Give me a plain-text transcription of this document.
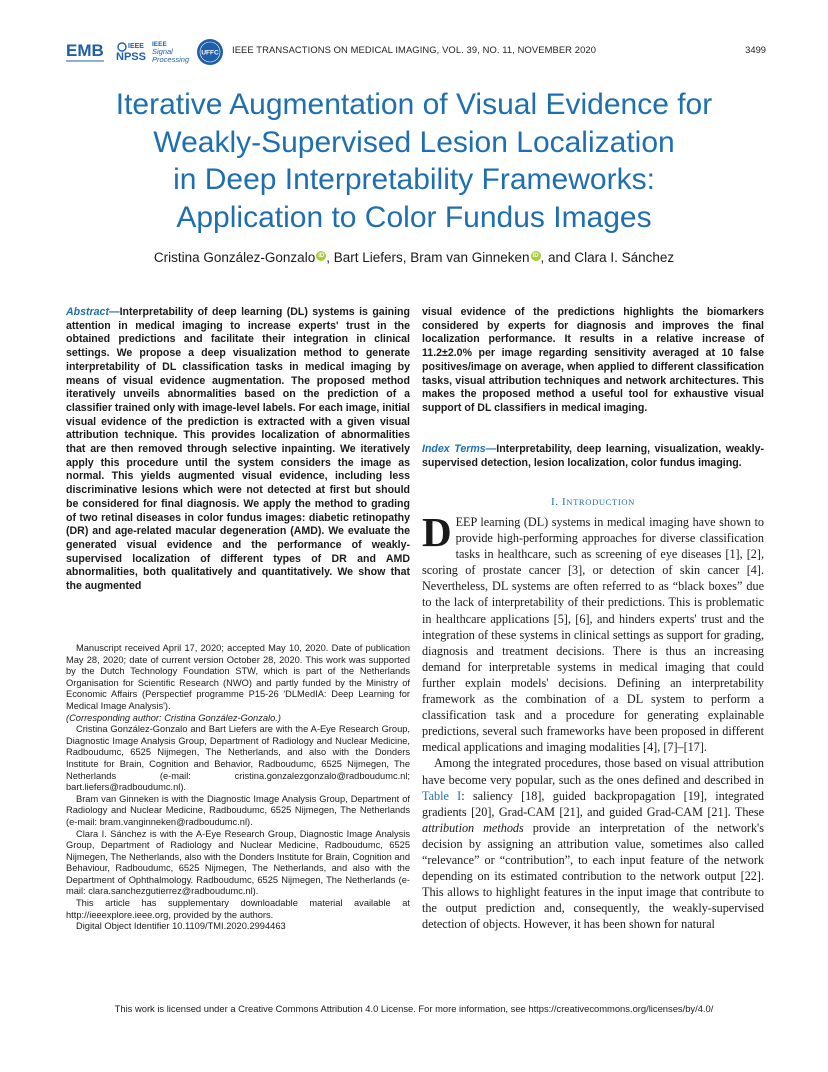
EMB	IEEE
NPSS
IEEE
Signal
Processing
UFFC IEEE TRANSACTIONS ON MEDICAL IMAGING, VOL. 39, NO. 11, NOVEMBER 2020	3499
Iterative Augmentation of Visual Evidence for
Weakly-Supervised Lesion Localization
in Deep Interpretability Frameworks:
Application to Color Fundus Images
Cristina González-Gonzalo iD , Bart Liefers, Bram van Ginneken iD , and Clara I. Sánchez
Abstract—Interpretability of deep learning (DL) systems is gaining attention in medical imaging to increase experts' trust in the obtained predictions and facilitate their integration in clinical settings. We propose a deep visualization method to generate interpretability of DL classification tasks in medical imaging by means of visual evidence augmentation. The proposed method iteratively unveils abnormalities based on the prediction of a classifier trained only with image-level labels. For each image, initial visual evidence of the prediction is extracted with a given visual attribution technique. This provides localization of abnormalities that are then removed through selective inpainting. We iteratively apply this procedure until the system considers the image as normal. This yields augmented visual evidence, including less discriminative lesions which were not detected at first but should be considered for final diagnosis. We apply the method to grading of two retinal diseases in color fundus images: diabetic retinopathy (DR) and age-related macular degeneration (AMD). We evaluate the generated visual evidence and the performance of weakly-supervised localization of different types of DR and AMD abnormalities, both qualitatively and quantitatively. We show that the augmented
visual evidence of the predictions highlights the biomarkers considered by experts for diagnosis and improves the final localization performance. It results in a relative increase of 11.2±2.0% per image regarding sensitivity averaged at 10 false positives/image on average, when applied to different classification tasks, visual attribution techniques and network architectures. This makes the proposed method a useful tool for exhaustive visual support of DL classifiers in medical imaging.
Index Terms—Interpretability, deep learning, visualization, weakly-supervised detection, lesion localization, color fundus imaging.

Manuscript received April 17, 2020; accepted May 10, 2020. Date of publication May 28, 2020; date of current version October 28, 2020. This work was supported by the Dutch Technology Foundation STW, which is part of the Netherlands Organisation for Scientific Research (NWO) and partly funded by the Ministry of Economic Affairs (Perspectief programme P15-26 'DLMedIA: Deep Learning for Medical Image Analysis').
(Corresponding author: Cristina González-Gonzalo.)

Cristina González-Gonzalo and Bart Liefers are with the A-Eye Research Group, Diagnostic Image Analysis Group, Department of Radiology and Nuclear Medicine, Radboudumc, 6525 Nijmegen, The Netherlands, and also with the Donders Institute for Brain, Cognition and Behavior, Radboudumc, 6525 Nijmegen, The Netherlands (e-mail: cristina.gonzalezgonzalo@radboudumc.nl; bart.liefers@radboudumc.nl).

Bram van Ginneken is with the Diagnostic Image Analysis Group, Department of Radiology and Nuclear Medicine, Radboudumc, 6525 Nijmegen, The Netherlands (e-mail: bram.vanginneken@radboudumc.nl).

Clara I. Sánchez is with the A-Eye Research Group, Diagnostic Image Analysis Group, Department of Radiology and Nuclear Medicine, Radboudumc, 6525 Nijmegen, The Netherlands, also with the Donders Institute for Brain, Cognition and Behaviour, Radboudumc, 6525 Nijmegen, The Netherlands, and also with the Department of Ophthalmology. Radboudumc, 6525 Nijmegen, The Netherlands (e-mail: clara.sanchezgutierrez@radboudumc.nl).

This article has supplementary downloadable material available at http://ieeexplore.ieee.org, provided by the authors.

Digital Object Identifier 10.1109/TMI.2020.2994463

I. INTRODUCTION

DEEP learning (DL) systems in medical imaging have shown to provide high-performing approaches for diverse classification tasks in healthcare, such as screening of eye diseases [1], [2], scoring of prostate cancer [3], or detection of skin cancer [4]. Nevertheless, DL systems are often referred to as “black boxes” due to the lack of interpretability of their predictions. This is problematic in healthcare applications [5], [6], and hinders experts' trust and the integration of these systems in clinical settings as support for grading, diagnosis and treatment decisions. There is thus an increasing demand for interpretable systems in medical imaging that could further explain models' decisions. Defining an interpretability framework as the combination of a DL system to perform a classification task and a procedure for generating explainable predictions, several such frameworks have been proposed in different medical applications and imaging modalities [4], [7]–[17].

Among the integrated procedures, those based on visual attribution have become very popular, such as the ones defined and described in Table I: saliency [18], guided backpropagation [19], integrated gradients [20], Grad-CAM [21], and guided Grad-CAM [21]. These attribution methods provide an interpretation of the network's decision by assigning an attribution value, sometimes also called “relevance” or “contribution”, to each input feature of the network depending on its estimated contribution to the network output [22]. This allows to highlight features in the input image that contribute to the output prediction and, consequently, the weakly-supervised detection of objects. However, it has been shown for natural

This work is licensed under a Creative Commons Attribution 4.0 License. For more information, see https://creativecommons.org/licenses/by/4.0/
